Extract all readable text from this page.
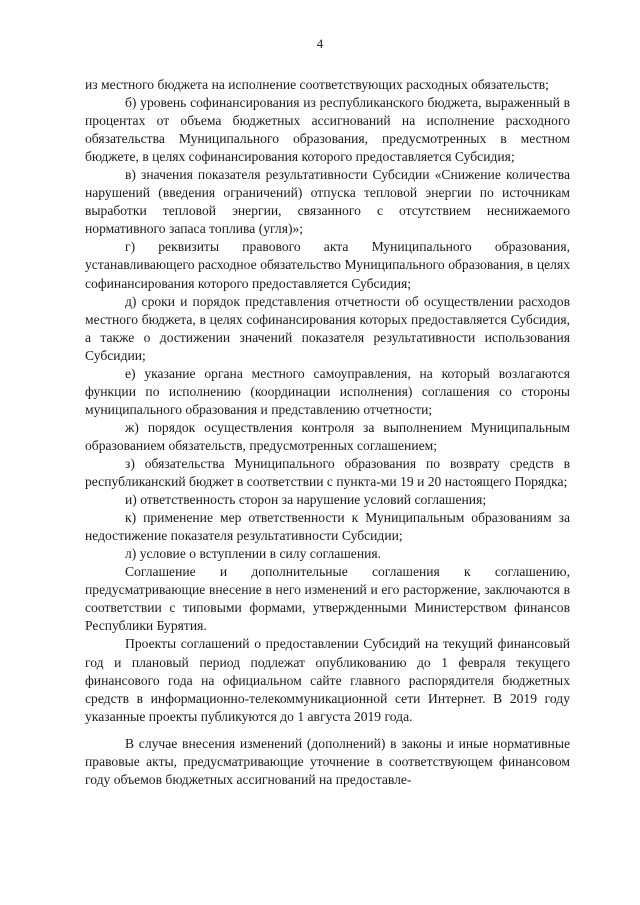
4

из местного бюджета на исполнение соответствующих расходных обязательств;

б) уровень софинансирования из республиканского бюджета, выраженный в процентах от объема бюджетных ассигнований на исполнение расходного обязательства Муниципального образования, предусмотренных в местном бюджете, в целях софинансирования которого предоставляется Субсидия;

в) значения показателя результативности Субсидии «Снижение количества нарушений (введения ограничений) отпуска тепловой энергии по источникам выработки тепловой энергии, связанного с отсутствием неснижаемого нормативного запаса топлива (угля)»;

г) реквизиты правового акта Муниципального образования, устанавливающего расходное обязательство Муниципального образования, в целях софинансирования которого предоставляется Субсидия;

д) сроки и порядок представления отчетности об осуществлении расходов местного бюджета, в целях софинансирования которых предоставляется Субсидия, а также о достижении значений показателя результативности использования Субсидии;

е) указание органа местного самоуправления, на который возлагаются функции по исполнению (координации исполнения) соглашения со стороны муниципального образования и представлению отчетности;

ж) порядок осуществления контроля за выполнением Муниципальным образованием обязательств, предусмотренных соглашением;

з) обязательства Муниципального образования по возврату средств в республиканский бюджет в соответствии с пункта-ми 19 и 20 настоящего Порядка;

и) ответственность сторон за нарушение условий соглашения;

к) применение мер ответственности к Муниципальным образованиям за недостижение показателя результативности Субсидии;

л) условие о вступлении в силу соглашения.

Соглашение и дополнительные соглашения к соглашению, предусматривающие внесение в него изменений и его расторжение, заключаются в соответствии с типовыми формами, утвержденными Министерством финансов Республики Бурятия.

Проекты соглашений о предоставлении Субсидий на текущий финансовый год и плановый период подлежат опубликованию до 1 февраля текущего финансового года на официальном сайте главного распорядителя бюджетных средств в информационно-телекоммуникационной сети Интернет. В 2019 году указанные проекты публикуются до 1 августа 2019 года.

В случае внесения изменений (дополнений) в законы и иные нормативные правовые акты, предусматривающие уточнение в соответствующем финансовом году объемов бюджетных ассигнований на предоставле-
